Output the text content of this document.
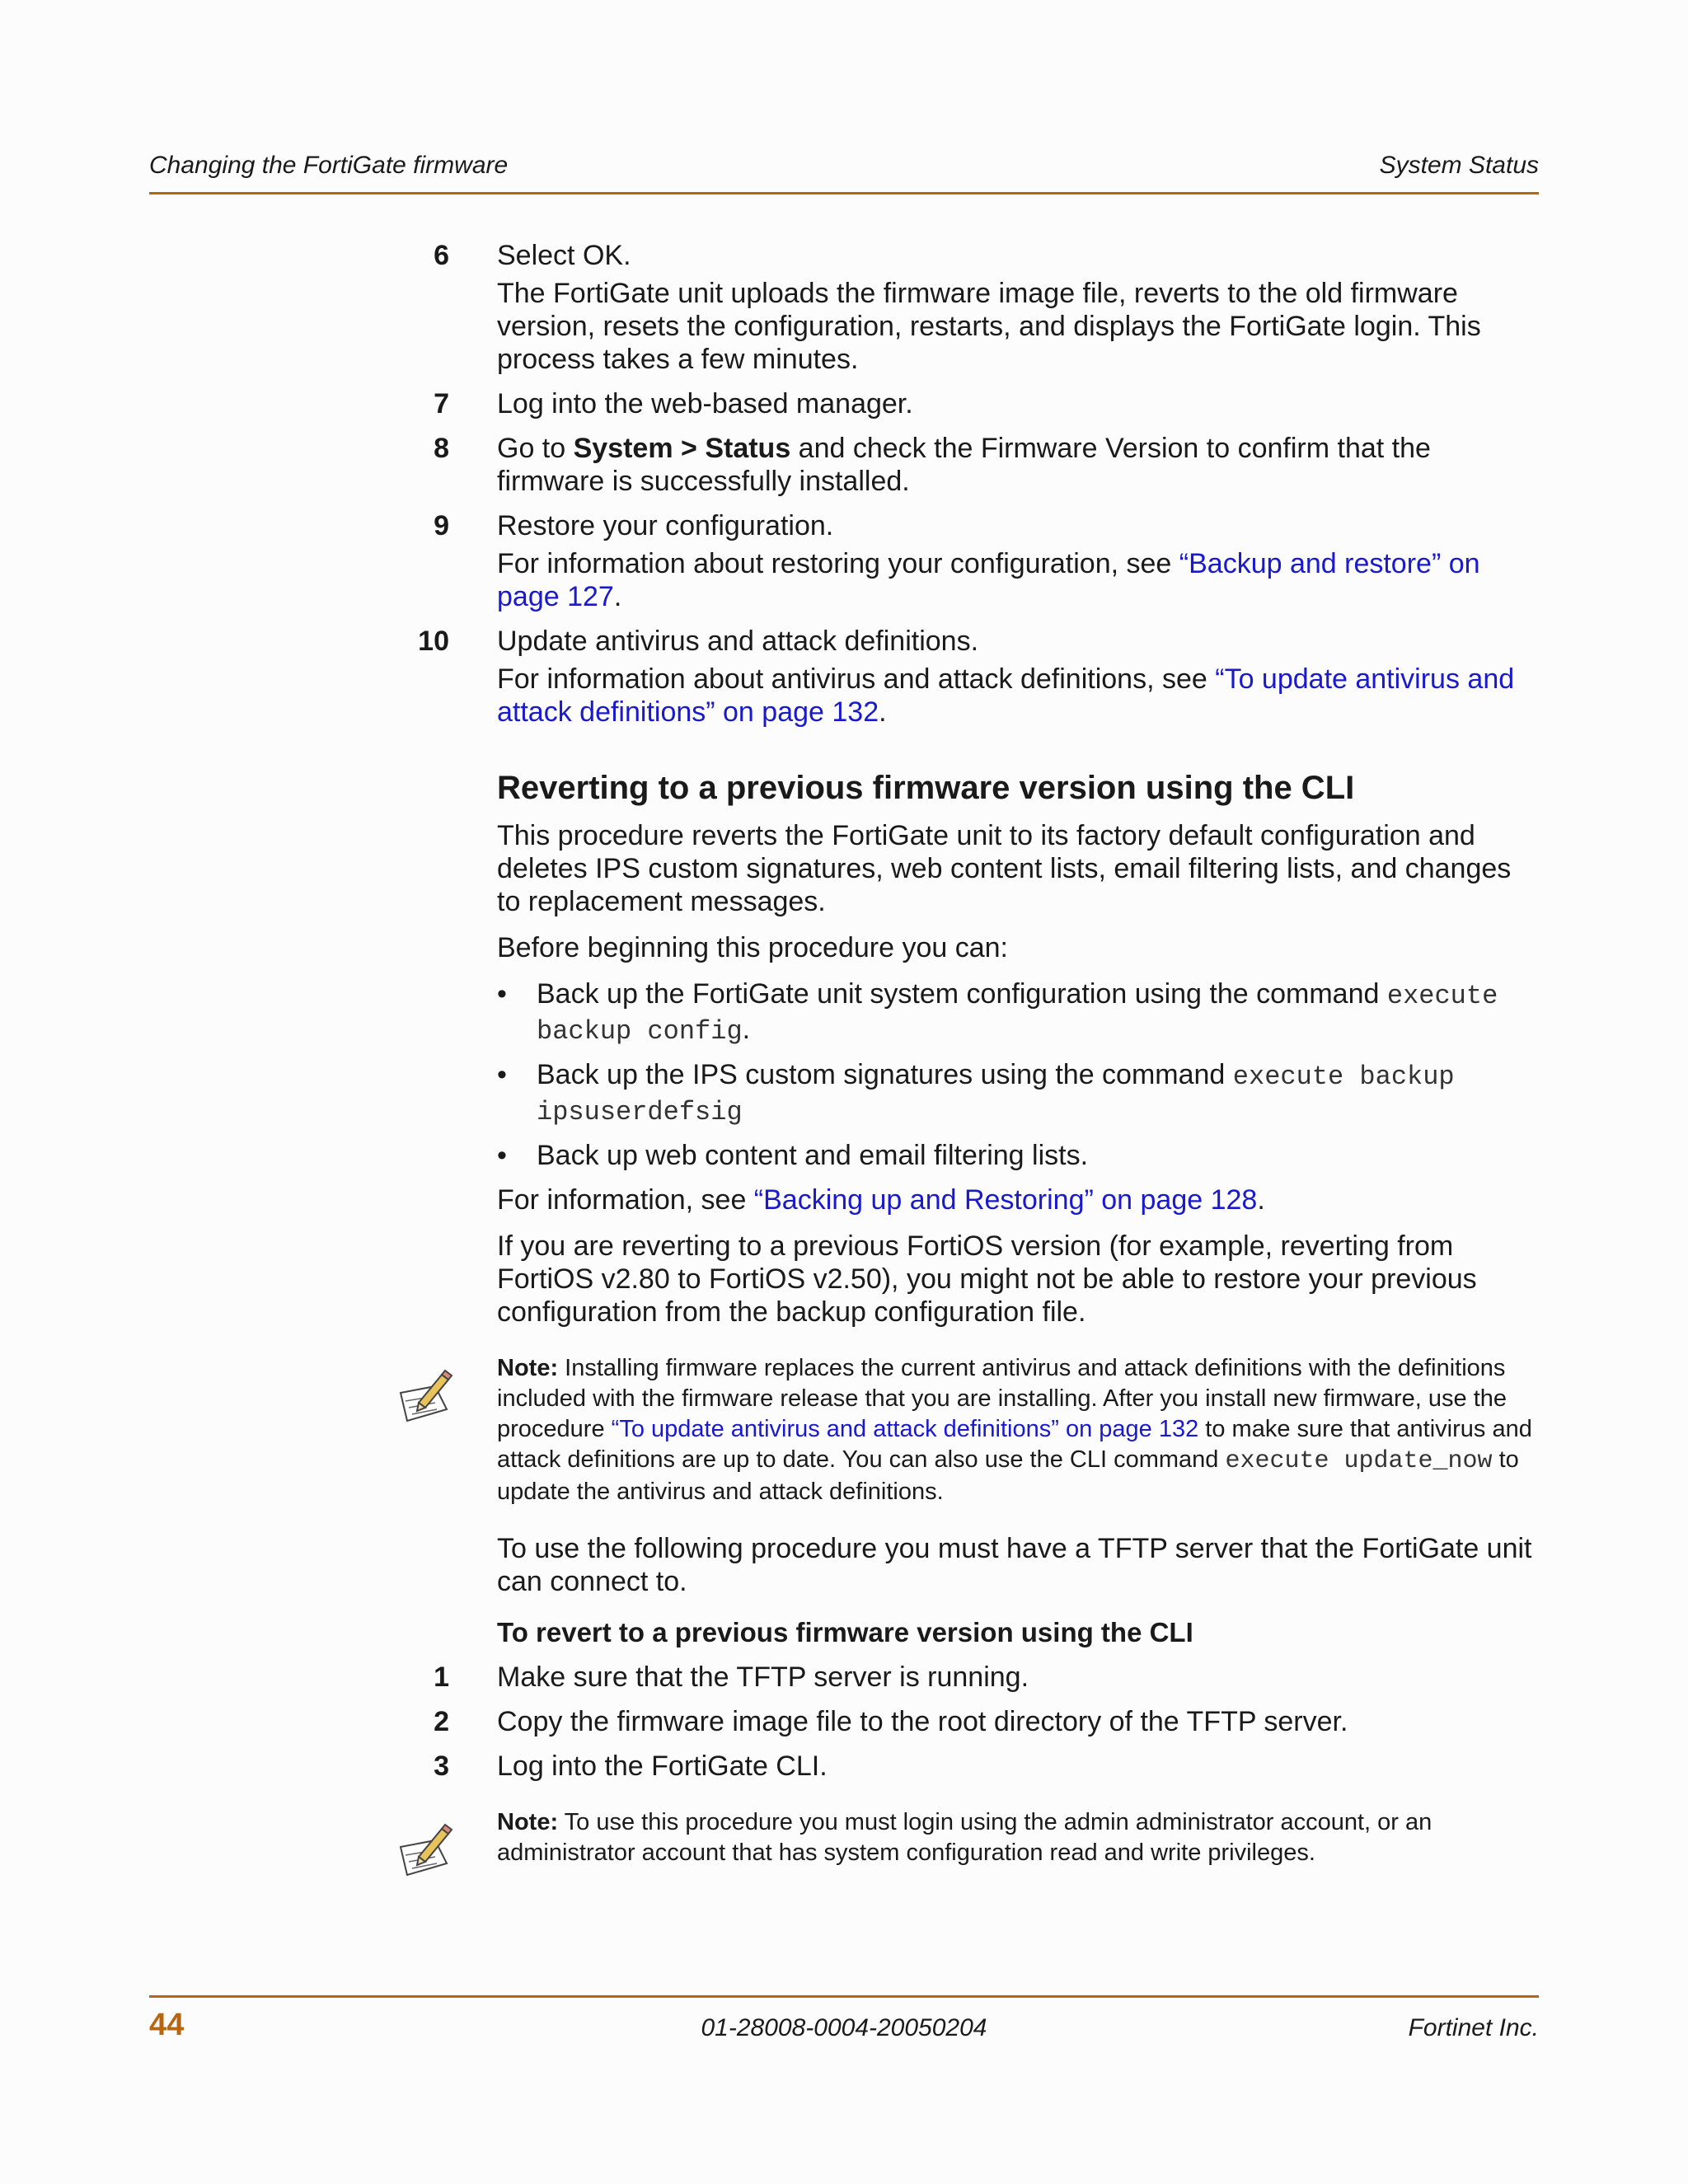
Changing the FortiGate firmware	System Status
6 Select OK.

The FortiGate unit uploads the firmware image file, reverts to the old firmware version, resets the configuration, restarts, and displays the FortiGate login. This process takes a few minutes.

7 Log into the web-based manager.

8 Go to System > Status and check the Firmware Version to confirm that the firmware is successfully installed.

9 Restore your configuration.

For information about restoring your configuration, see “Backup and restore” on page 127.

10 Update antivirus and attack definitions.

For information about antivirus and attack definitions, see “To update antivirus and attack definitions” on page 132.

Reverting to a previous firmware version using the CLI

This procedure reverts the FortiGate unit to its factory default configuration and deletes IPS custom signatures, web content lists, email filtering lists, and changes to replacement messages.

Before beginning this procedure you can:

• Back up the FortiGate unit system configuration using the command execute backup config.
• Back up the IPS custom signatures using the command execute backup ipsuserdefsig
• Back up web content and email filtering lists.

For information, see “Backing up and Restoring” on page 128.

If you are reverting to a previous FortiOS version (for example, reverting from FortiOS v2.80 to FortiOS v2.50), you might not be able to restore your previous configuration from the backup configuration file.

Note: Installing firmware replaces the current antivirus and attack definitions with the definitions included with the firmware release that you are installing. After you install new firmware, use the procedure “To update antivirus and attack definitions” on page 132 to make sure that antivirus and attack definitions are up to date. You can also use the CLI command execute update_now to update the antivirus and attack definitions.

To use the following procedure you must have a TFTP server that the FortiGate unit can connect to.

To revert to a previous firmware version using the CLI
1 Make sure that the TFTP server is running.

2 Copy the firmware image file to the root directory of the TFTP server.

3 Log into the FortiGate CLI.

Note: To use this procedure you must login using the admin administrator account, or an administrator account that has system configuration read and write privileges.
44	01-28008-0004-20050204	Fortinet Inc.
